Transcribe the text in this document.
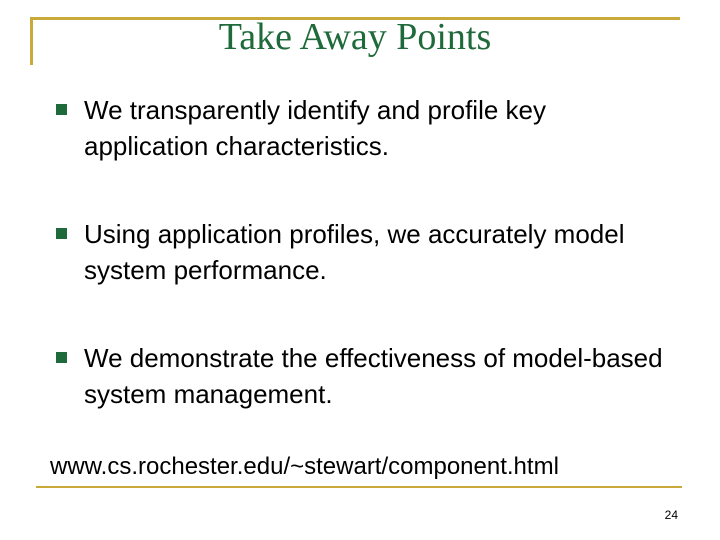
Take Away Points
We transparently identify and profile key application characteristics.
Using application profiles, we accurately model system performance.
We demonstrate the effectiveness of model-based system management.
www.cs.rochester.edu/~stewart/component.html
24
